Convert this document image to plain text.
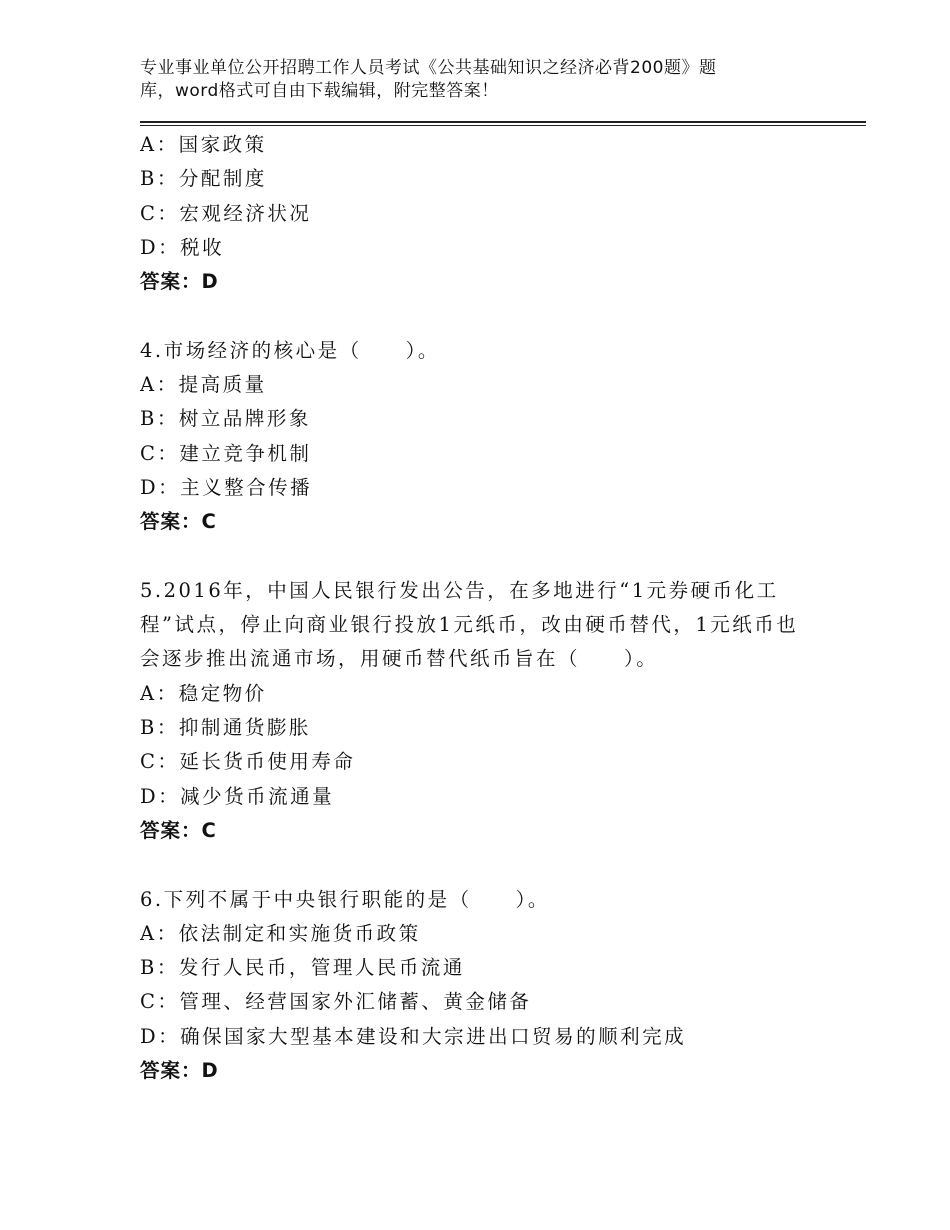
专业事业单位公开招聘工作人员考试《公共基础知识之经济必背200题》题
库，word格式可自由下载编辑，附完整答案！
A：国家政策
B：分配制度
C：宏观经济状况
D：税收
答案：D
4.市场经济的核心是（　　）。
A：提高质量
B：树立品牌形象
C：建立竞争机制
D：主义整合传播
答案：C
5.2016年，中国人民银行发出公告，在多地进行“1元券硬币化工
程”试点，停止向商业银行投放1元纸币，改由硬币替代，1元纸币也
会逐步推出流通市场，用硬币替代纸币旨在（　　）。
A：稳定物价
B：抑制通货膨胀
C：延长货币使用寿命
D：减少货币流通量
答案：C
6.下列不属于中央银行职能的是（　　）。
A：依法制定和实施货币政策
B：发行人民币，管理人民币流通
C：管理、经营国家外汇储蓄、黄金储备
D：确保国家大型基本建设和大宗进出口贸易的顺利完成
答案：D
